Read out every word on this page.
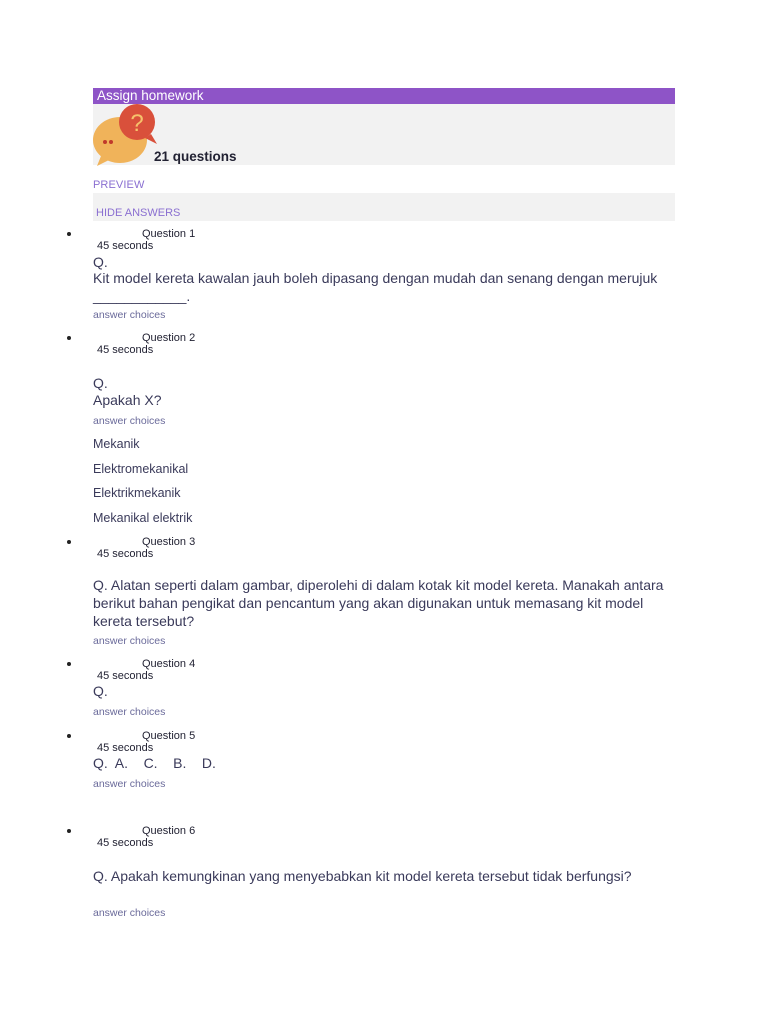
Assign homework
?
21 questions
PREVIEW
HIDE ANSWERS
Question 1
45 seconds
Q.
Kit model kereta kawalan jauh boleh dipasang dengan mudah dan senang dengan merujuk ____________.
answer choices
Question 2
45 seconds
Q.
Apakah X?
answer choices
Mekanik
Elektromekanikal
Elektrikmekanik
Mekanikal elektrik
Question 3
45 seconds
Q. Alatan seperti dalam gambar, diperolehi di dalam kotak kit model kereta. Manakah antara berikut bahan pengikat dan pencantum yang akan digunakan untuk memasang kit model kereta tersebut?
answer choices
Question 4
45 seconds
Q.
answer choices
Question 5
45 seconds
Q.  A.    C.    B.    D.
answer choices
Question 6
45 seconds
Q. Apakah kemungkinan yang menyebabkan kit model kereta tersebut tidak berfungsi?
answer choices
